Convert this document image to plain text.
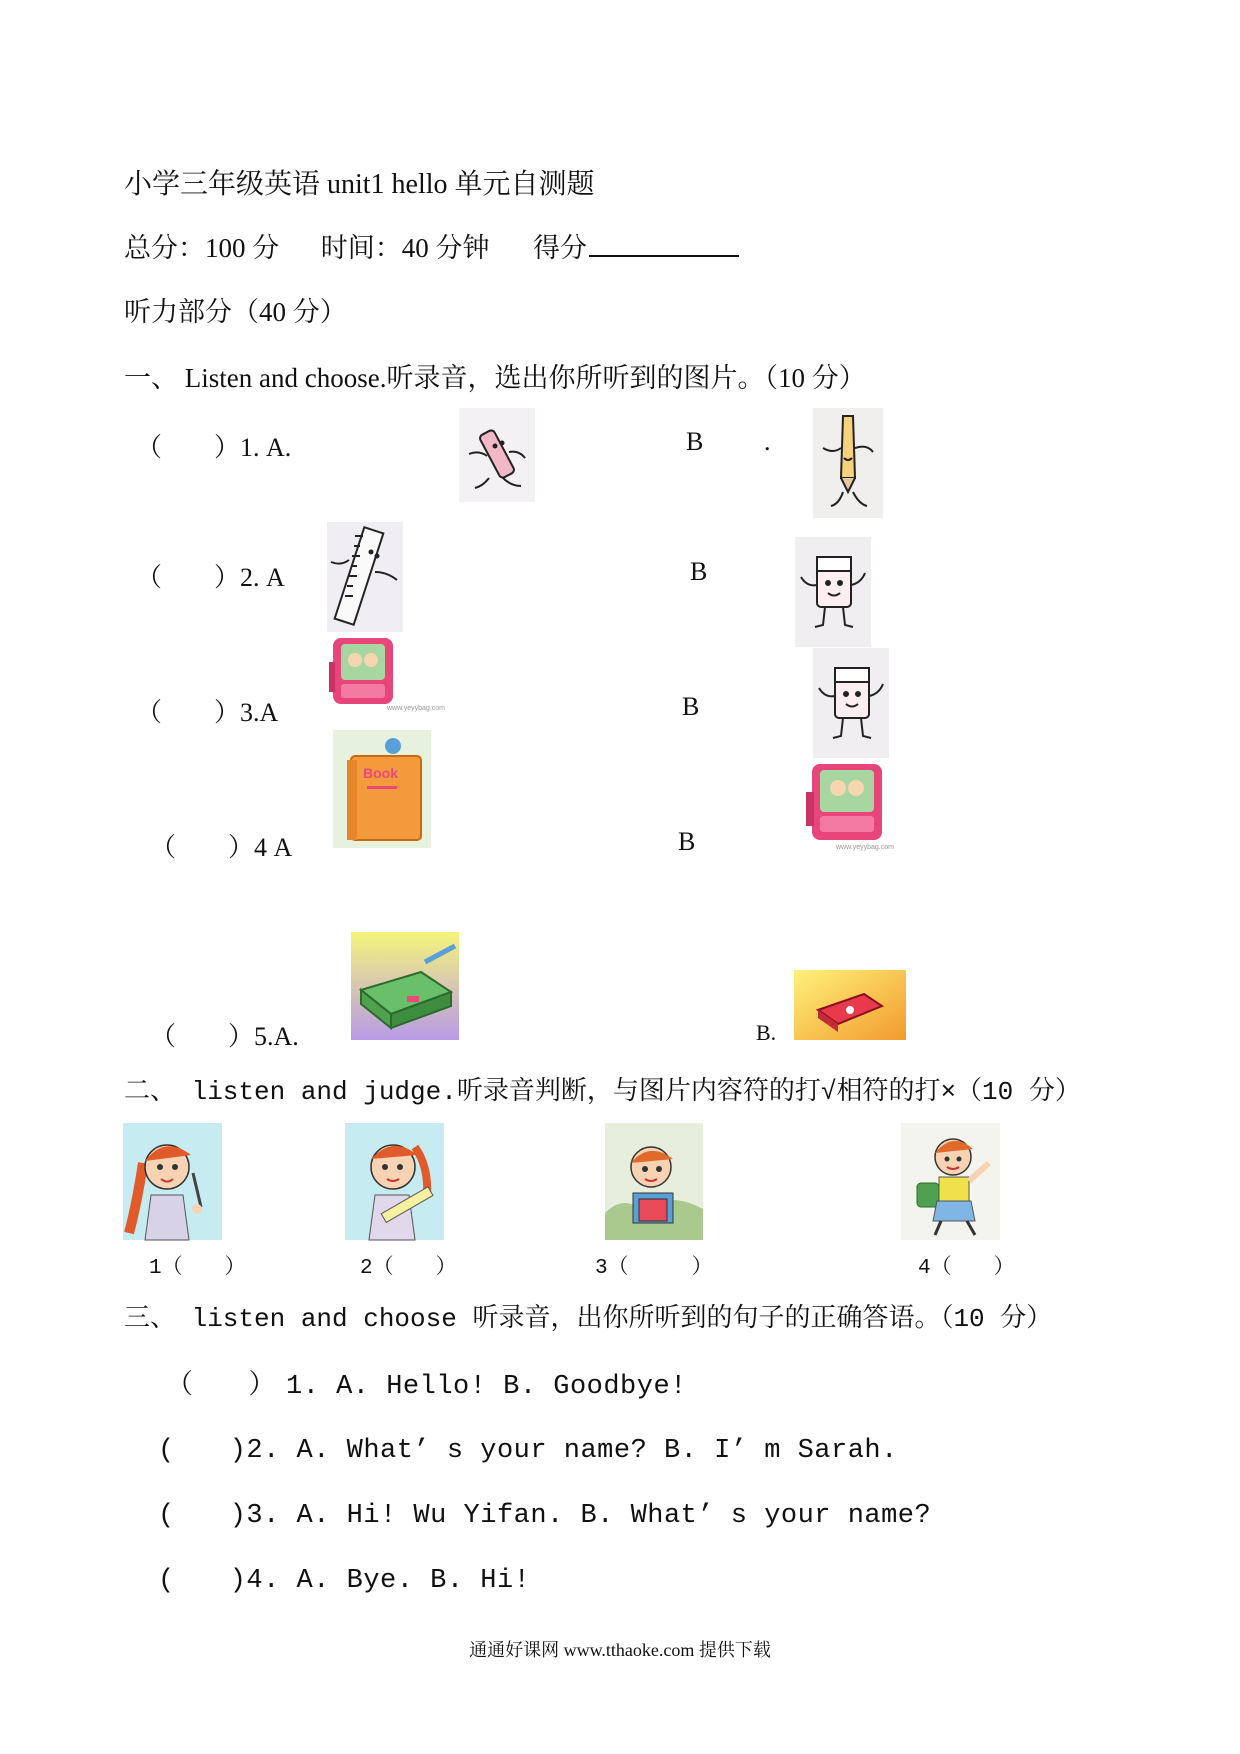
小学三年级英语 unit1 hello 单元自测题
总分：100 分 时间：40 分钟 得分
听力部分（40 分）
一、 Listen and choose.听录音，选出你所听到的图片。（10 分）
（　　）1. A.	B .
（　　）2. A	B
（　　）3.A	B
www.yeyybag.com
（　　）4 A	B
Book
www.yeyybag.com
（　　）5.A.	B.
二、 listen and judge.听录音判断，与图片内容符的打√相符的打×（10 分）
1（　　）	2（　　）	3（　　　）	4（　　）
三、 listen and choose 听录音，出你所听到的句子的正确答语。（10 分）
（　　） 1. A. Hello! B. Goodbye!
(　　)2. A. What’ s your name? B. I’ m Sarah.
(　　)3. A. Hi! Wu Yifan. B. What’ s your name?
(　　)4. A. Bye. B. Hi!
通通好课网 www.tthaoke.com 提供下载
